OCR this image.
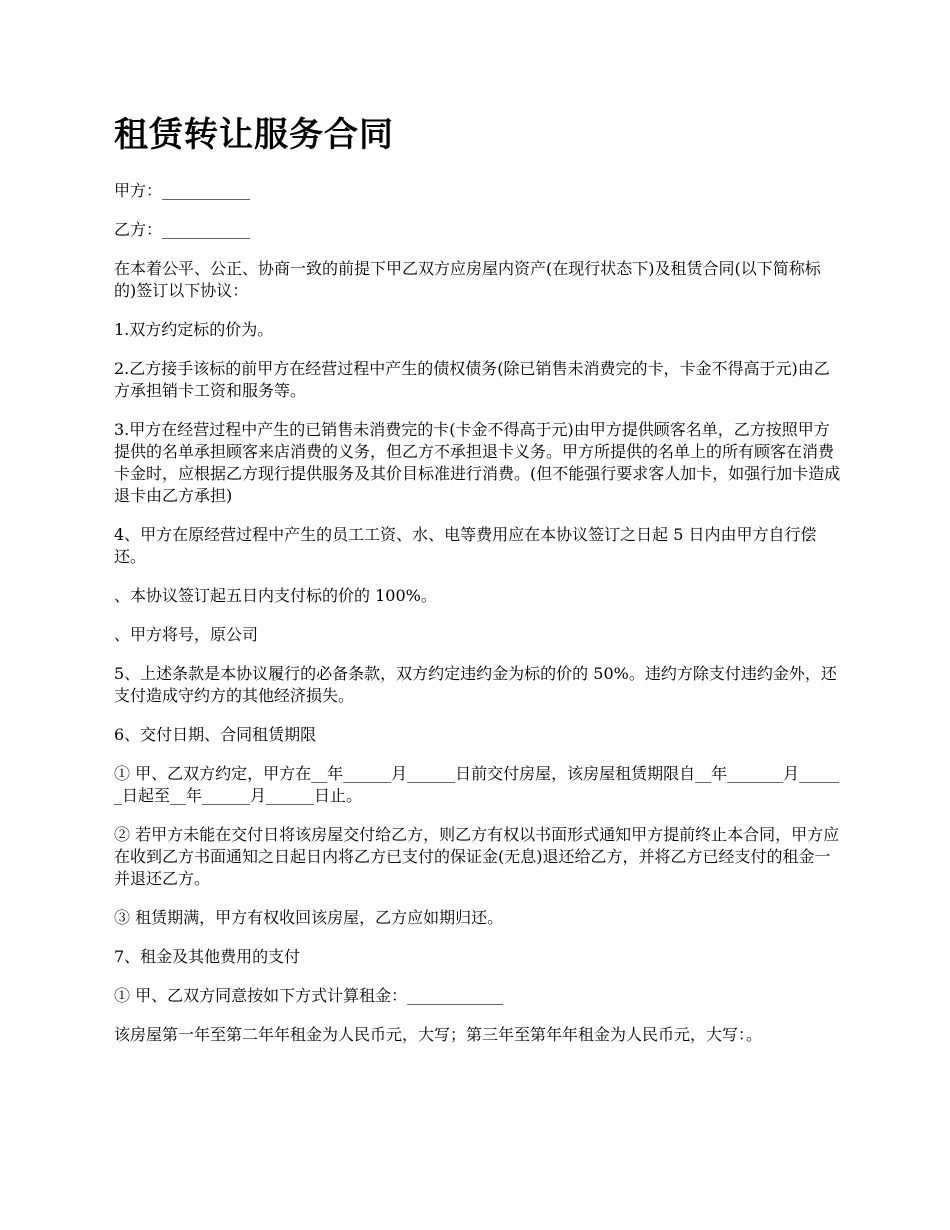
租赁转让服务合同

甲方：___________

乙方：___________

在本着公平、公正、协商一致的前提下甲乙双方应房屋内资产(在现行状态下)及租赁合同(以下简称标的)签订以下协议：

1.双方约定标的价为。

2.乙方接手该标的前甲方在经营过程中产生的债权债务(除已销售未消费完的卡，卡金不得高于元)由乙方承担销卡工资和服务等。

3.甲方在经营过程中产生的已销售未消费完的卡(卡金不得高于元)由甲方提供顾客名单，乙方按照甲方提供的名单承担顾客来店消费的义务，但乙方不承担退卡义务。甲方所提供的名单上的所有顾客在消费卡金时，应根据乙方现行提供服务及其价目标准进行消费。(但不能强行要求客人加卡，如强行加卡造成退卡由乙方承担)

4、甲方在原经营过程中产生的员工工资、水、电等费用应在本协议签订之日起 5 日内由甲方自行偿还。

、本协议签订起五日内支付标的价的 100%。

、甲方将号，原公司

5、上述条款是本协议履行的必备条款，双方约定违约金为标的价的 50%。违约方除支付违约金外，还支付造成守约方的其他经济损失。

6、交付日期、合同租赁期限

① 甲、乙双方约定，甲方在__年______月______日前交付房屋，该房屋租赁期限自__年_______月______日起至__年______月______日止。

② 若甲方未能在交付日将该房屋交付给乙方，则乙方有权以书面形式通知甲方提前终止本合同，甲方应在收到乙方书面通知之日起日内将乙方已支付的保证金(无息)退还给乙方，并将乙方已经支付的租金一并退还乙方。

③ 租赁期满，甲方有权收回该房屋，乙方应如期归还。

7、租金及其他费用的支付

① 甲、乙双方同意按如下方式计算租金：____________

该房屋第一年至第二年年租金为人民币元，大写；第三年至第年年租金为人民币元，大写：。
